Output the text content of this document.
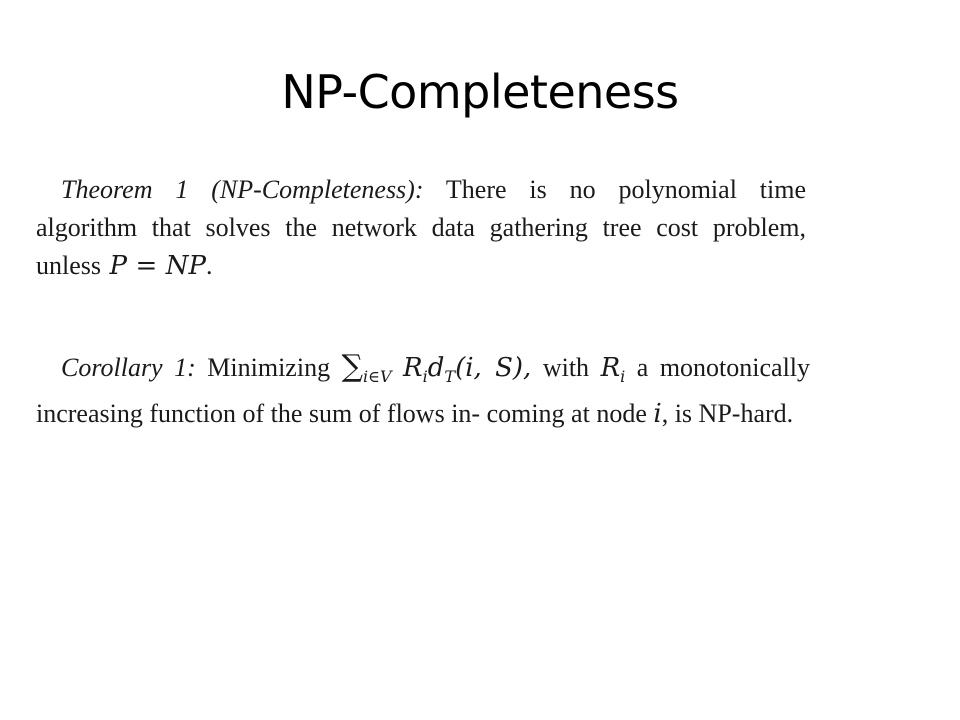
NP-Completeness
Theorem 1 (NP-Completeness): There is no polynomial time algorithm that solves the network data gathering tree cost problem, unless P = NP.
Corollary 1: Minimizing $\sum_{i\in V}$ $R_id_T(i$, S), with $R_i$ a monotonically increasing function of the sum of flows in- coming at node i, is NP-hard.
